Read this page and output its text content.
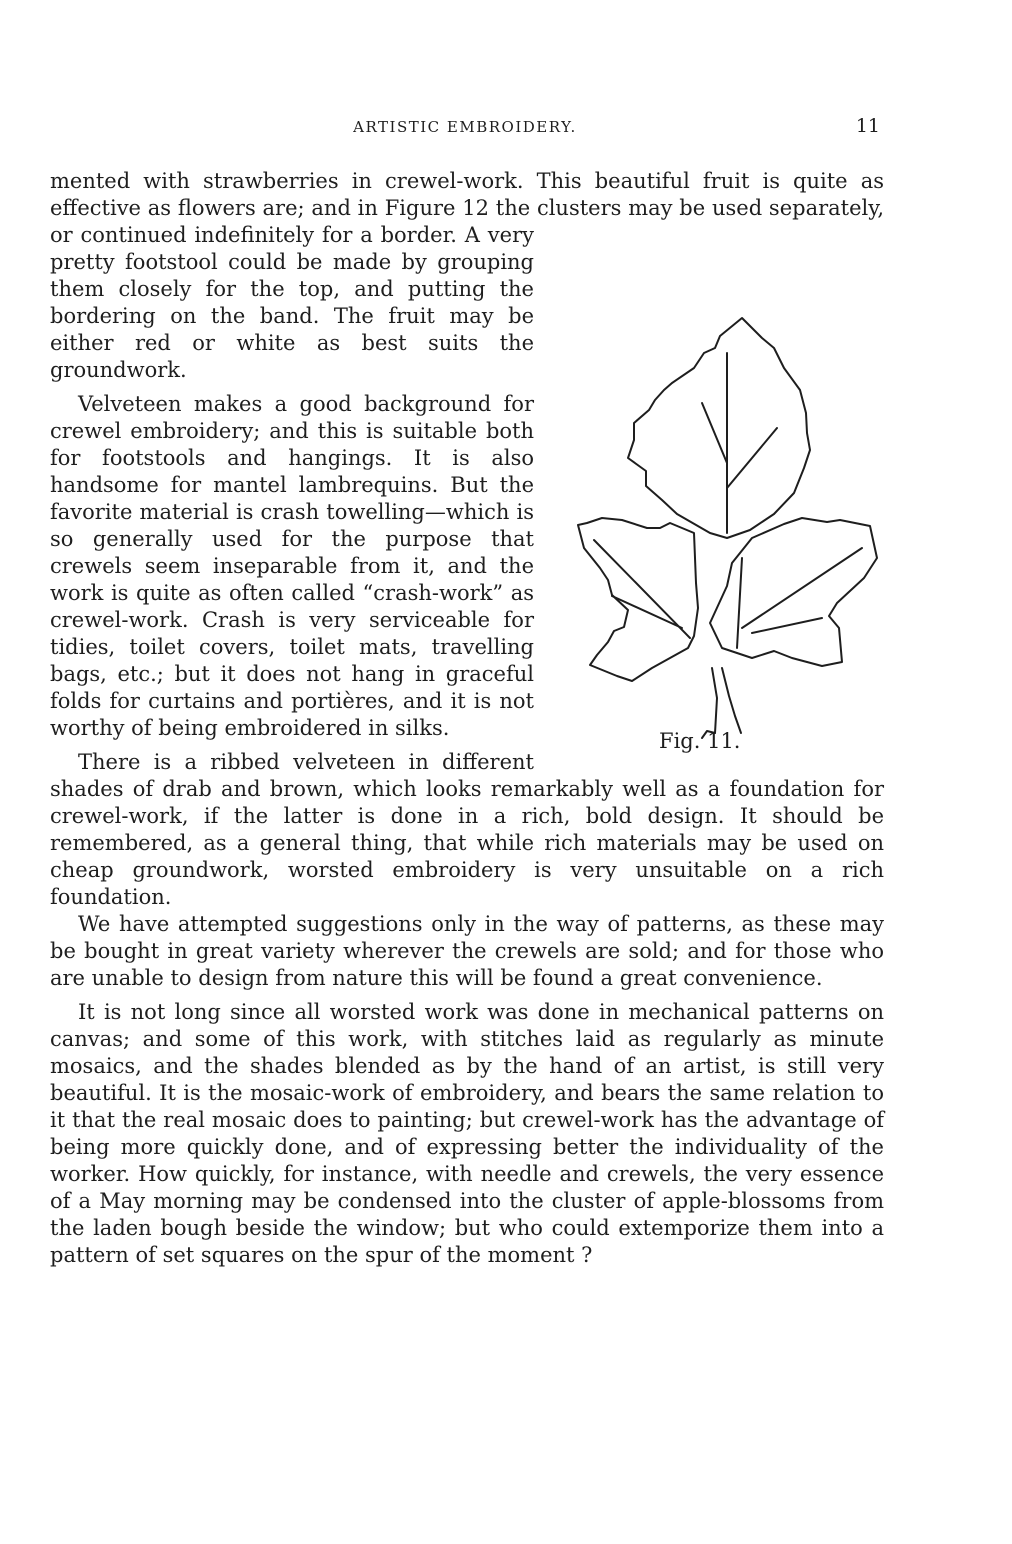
ARTISTIC EMBROIDERY.	11
Fig. 11.

mented with strawberries in crewel-work. This beautiful fruit is quite as effective as flowers are; and in Figure 12 the clusters may be used separately, or continued indefinitely for a border. A very pretty footstool could be made by grouping them closely for the top, and putting the bordering on the band. The fruit may be either red or white as best suits the groundwork.

Velveteen makes a good background for crewel embroidery; and this is suitable both for footstools and hangings. It is also handsome for mantel lambrequins. But the favorite material is crash towelling—which is so generally used for the purpose that crewels seem inseparable from it, and the work is quite as often called “crash-work” as crewel-work. Crash is very serviceable for tidies, toilet covers, toilet mats, travelling bags, etc.; but it does not hang in graceful folds for curtains and portières, and it is not worthy of being embroidered in silks.

There is a ribbed velveteen in different shades of drab and brown, which looks remarkably well as a foundation for crewel-work, if the latter is done in a rich, bold design. It should be remembered, as a general thing, that while rich materials may be used on cheap groundwork, worsted embroidery is very unsuitable on a rich foundation.

We have attempted suggestions only in the way of patterns, as these may be bought in great variety wherever the crewels are sold; and for those who are unable to design from nature this will be found a great convenience.

It is not long since all worsted work was done in mechanical patterns on canvas; and some of this work, with stitches laid as regularly as minute mosaics, and the shades blended as by the hand of an artist, is still very beautiful. It is the mosaic-work of embroidery, and bears the same relation to it that the real mosaic does to painting; but crewel-work has the advantage of being more quickly done, and of expressing better the individuality of the worker. How quickly, for instance, with needle and crewels, the very essence of a May morning may be condensed into the cluster of apple-blossoms from the laden bough beside the window; but who could extemporize them into a pattern of set squares on the spur of the moment ?
